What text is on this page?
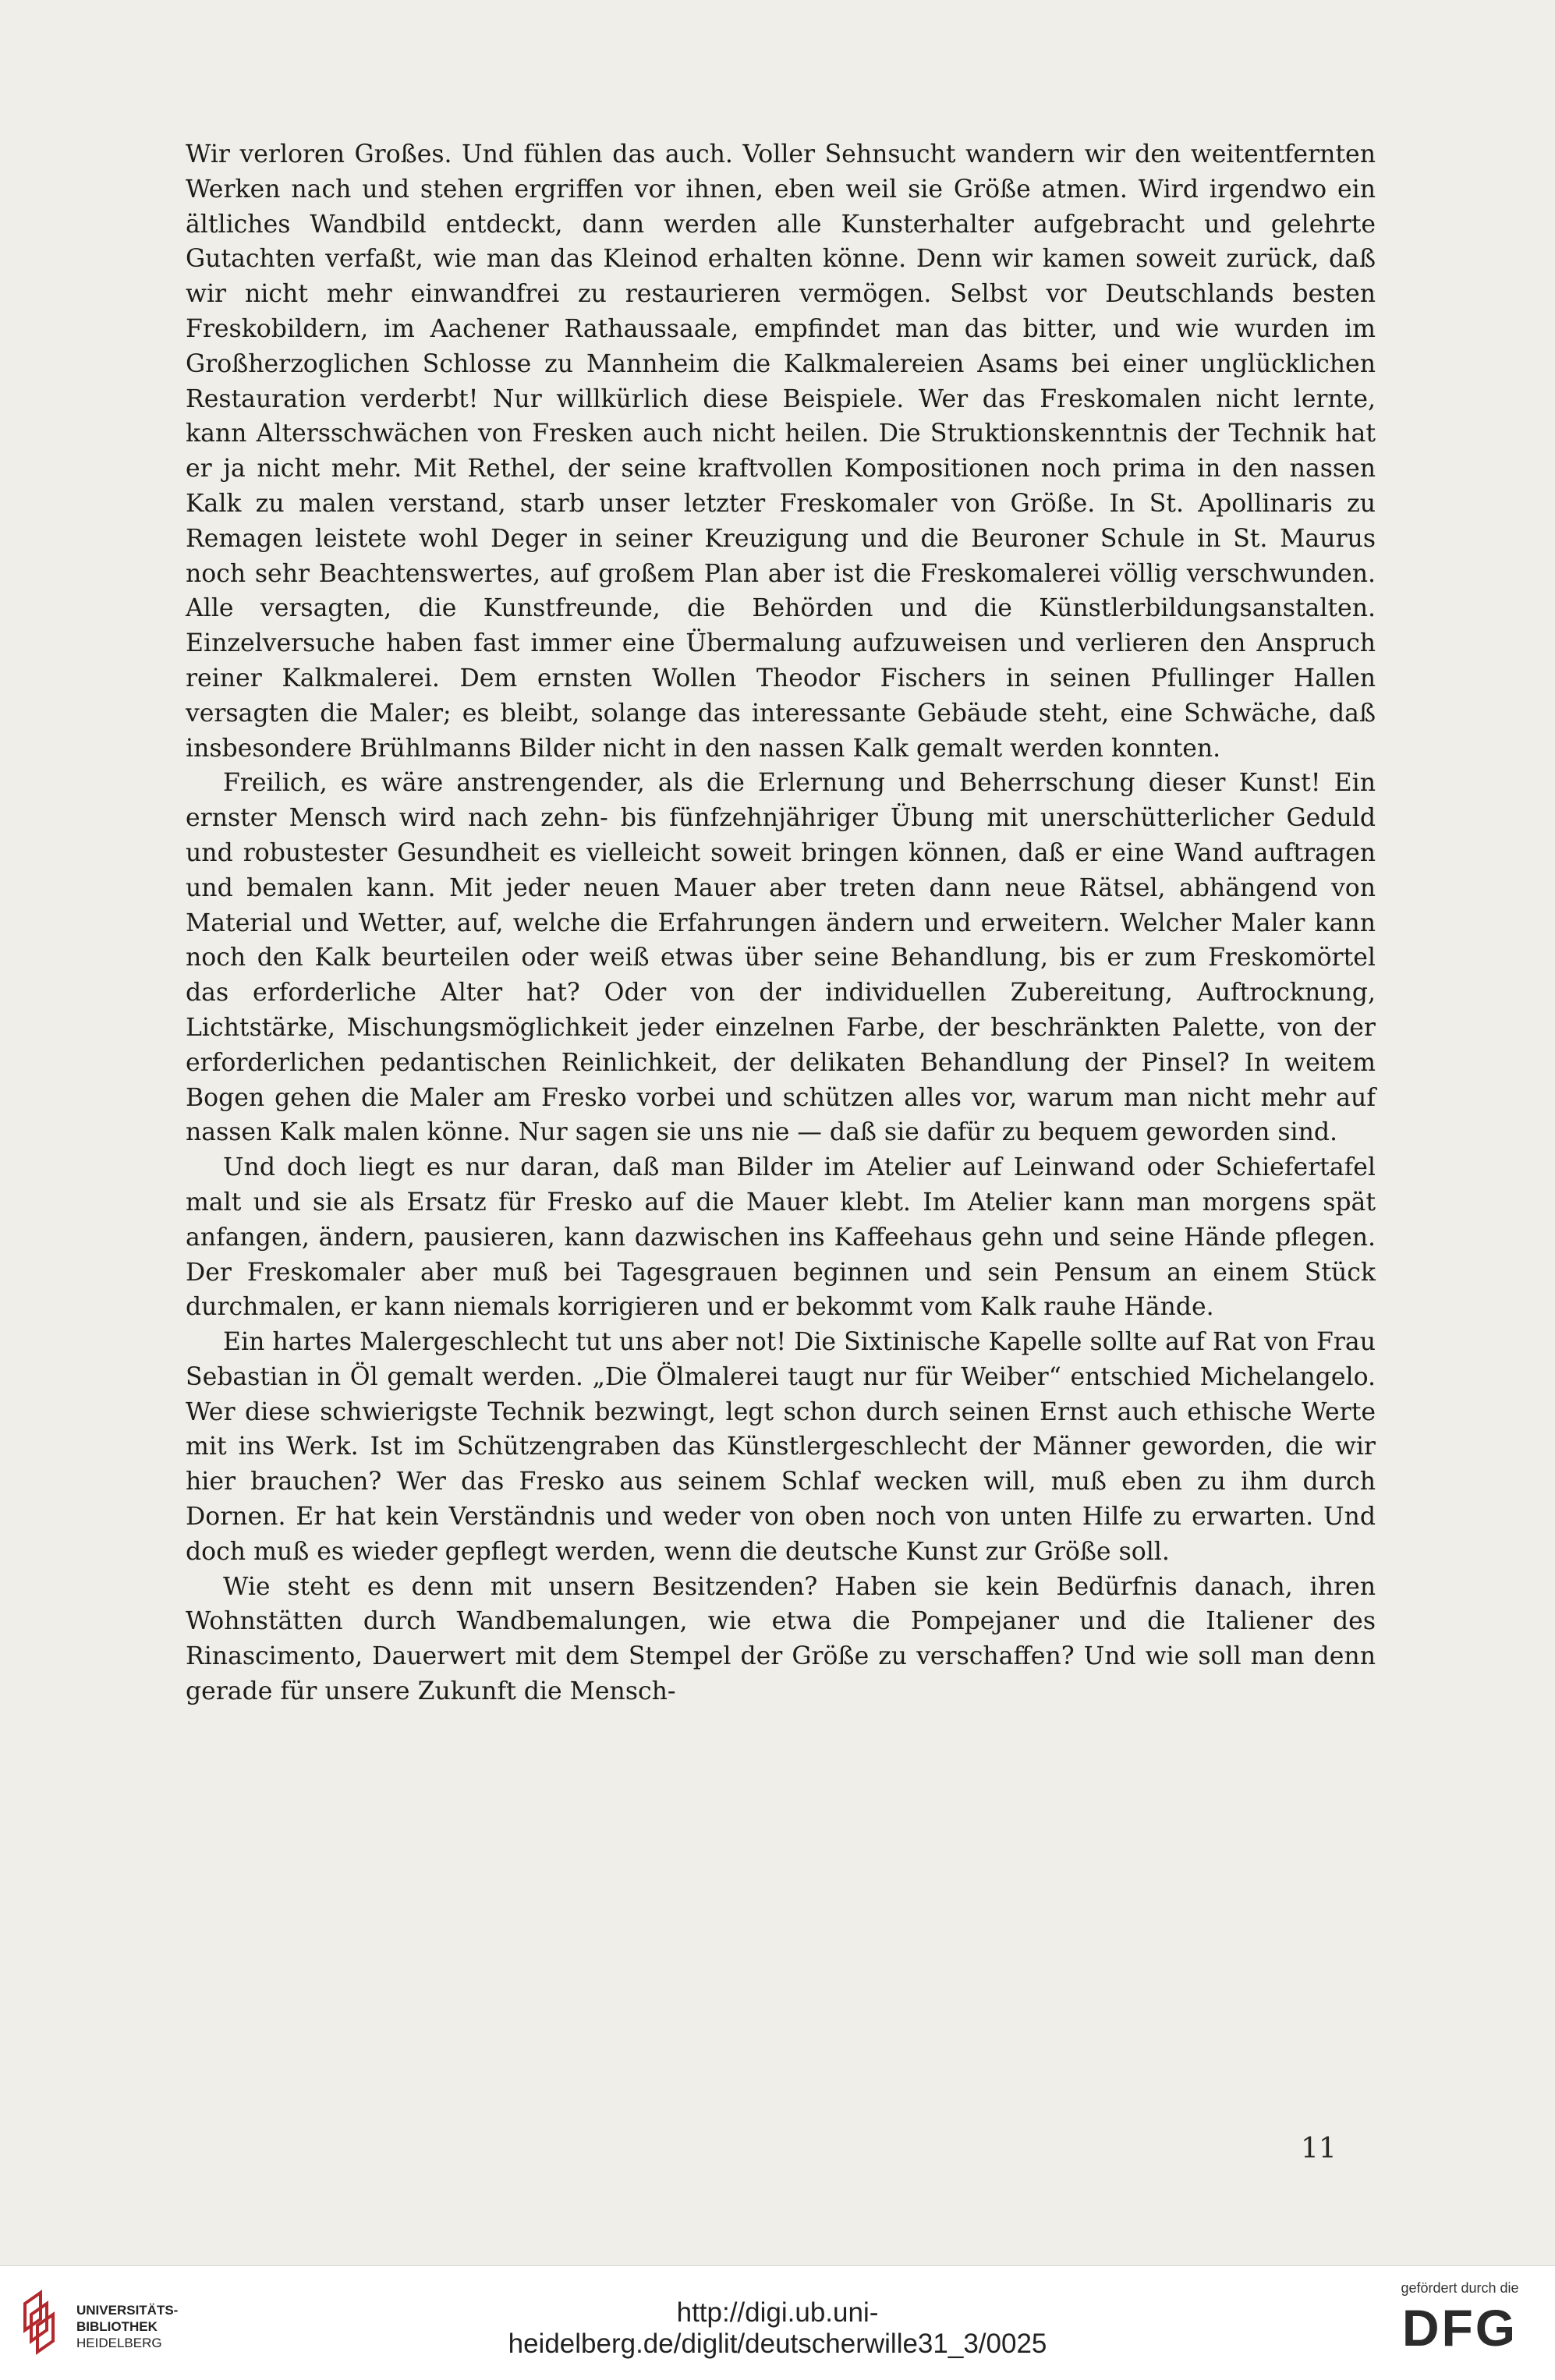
Wir verloren Großes. Und fühlen das auch. Voller Sehnsucht wandern wir den weitentfernten Werken nach und stehen ergriffen vor ihnen, eben weil sie Größe atmen. Wird irgendwo ein ältliches Wandbild entdeckt, dann werden alle Kunsterhalter aufgebracht und gelehrte Gutachten verfaßt, wie man das Kleinod erhalten könne. Denn wir kamen soweit zurück, daß wir nicht mehr einwandfrei zu restaurieren vermögen. Selbst vor Deutschlands besten Freskobildern, im Aachener Rathaussaale, empfindet man das bitter, und wie wurden im Großherzoglichen Schlosse zu Mannheim die Kalkmalereien Asams bei einer unglücklichen Restauration verderbt! Nur willkürlich diese Beispiele. Wer das Freskomalen nicht lernte, kann Altersschwächen von Fresken auch nicht heilen. Die Struktionskenntnis der Technik hat er ja nicht mehr. Mit Rethel, der seine kraftvollen Kompositionen noch prima in den nassen Kalk zu malen verstand, starb unser letzter Freskomaler von Größe. In St. Apollinaris zu Remagen leistete wohl Deger in seiner Kreuzigung und die Beuroner Schule in St. Maurus noch sehr Beachtenswertes, auf großem Plan aber ist die Freskomalerei völlig verschwunden. Alle versagten, die Kunstfreunde, die Behörden und die Künstlerbildungsanstalten. Einzelversuche haben fast immer eine Übermalung aufzuweisen und verlieren den Anspruch reiner Kalkmalerei. Dem ernsten Wollen Theodor Fischers in seinen Pfullinger Hallen versagten die Maler; es bleibt, solange das interessante Gebäude steht, eine Schwäche, daß insbesondere Brühlmanns Bilder nicht in den nassen Kalk gemalt werden konnten.

Freilich, es wäre anstrengender, als die Erlernung und Beherrschung dieser Kunst! Ein ernster Mensch wird nach zehn- bis fünfzehnjähriger Übung mit unerschütterlicher Geduld und robustester Gesundheit es vielleicht soweit bringen können, daß er eine Wand auftragen und bemalen kann. Mit jeder neuen Mauer aber treten dann neue Rätsel, abhängend von Material und Wetter, auf, welche die Erfahrungen ändern und erweitern. Welcher Maler kann noch den Kalk beurteilen oder weiß etwas über seine Behandlung, bis er zum Freskomörtel das erforderliche Alter hat? Oder von der individuellen Zubereitung, Auftrocknung, Lichtstärke, Mischungsmöglichkeit jeder einzelnen Farbe, der beschränkten Palette, von der erforderlichen pedantischen Reinlichkeit, der delikaten Behandlung der Pinsel? In weitem Bogen gehen die Maler am Fresko vorbei und schützen alles vor, warum man nicht mehr auf nassen Kalk malen könne. Nur sagen sie uns nie — daß sie dafür zu bequem geworden sind.

Und doch liegt es nur daran, daß man Bilder im Atelier auf Leinwand oder Schiefertafel malt und sie als Ersatz für Fresko auf die Mauer klebt. Im Atelier kann man morgens spät anfangen, ändern, pausieren, kann dazwischen ins Kaffeehaus gehn und seine Hände pflegen. Der Freskomaler aber muß bei Tagesgrauen beginnen und sein Pensum an einem Stück durchmalen, er kann niemals korrigieren und er bekommt vom Kalk rauhe Hände.

Ein hartes Malergeschlecht tut uns aber not! Die Sixtinische Kapelle sollte auf Rat von Frau Sebastian in Öl gemalt werden. „Die Ölmalerei taugt nur für Weiber“ entschied Michelangelo. Wer diese schwierigste Technik bezwingt, legt schon durch seinen Ernst auch ethische Werte mit ins Werk. Ist im Schützengraben das Künstlergeschlecht der Männer geworden, die wir hier brauchen? Wer das Fresko aus seinem Schlaf wecken will, muß eben zu ihm durch Dornen. Er hat kein Verständnis und weder von oben noch von unten Hilfe zu erwarten. Und doch muß es wieder gepflegt werden, wenn die deutsche Kunst zur Größe soll.

Wie steht es denn mit unsern Besitzenden? Haben sie kein Bedürfnis danach, ihren Wohnstätten durch Wandbemalungen, wie etwa die Pompejaner und die Italiener des Rinascimento, Dauerwert mit dem Stempel der Größe zu verschaffen? Und wie soll man denn gerade für unsere Zukunft die Mensch-

11
UNIVERSITÄTS-
BIBLIOTHEK
HEIDELBERG
http://digi.ub.uni-heidelberg.de/diglit/deutscherwille31_3/0025
gefördert durch die
DFG
